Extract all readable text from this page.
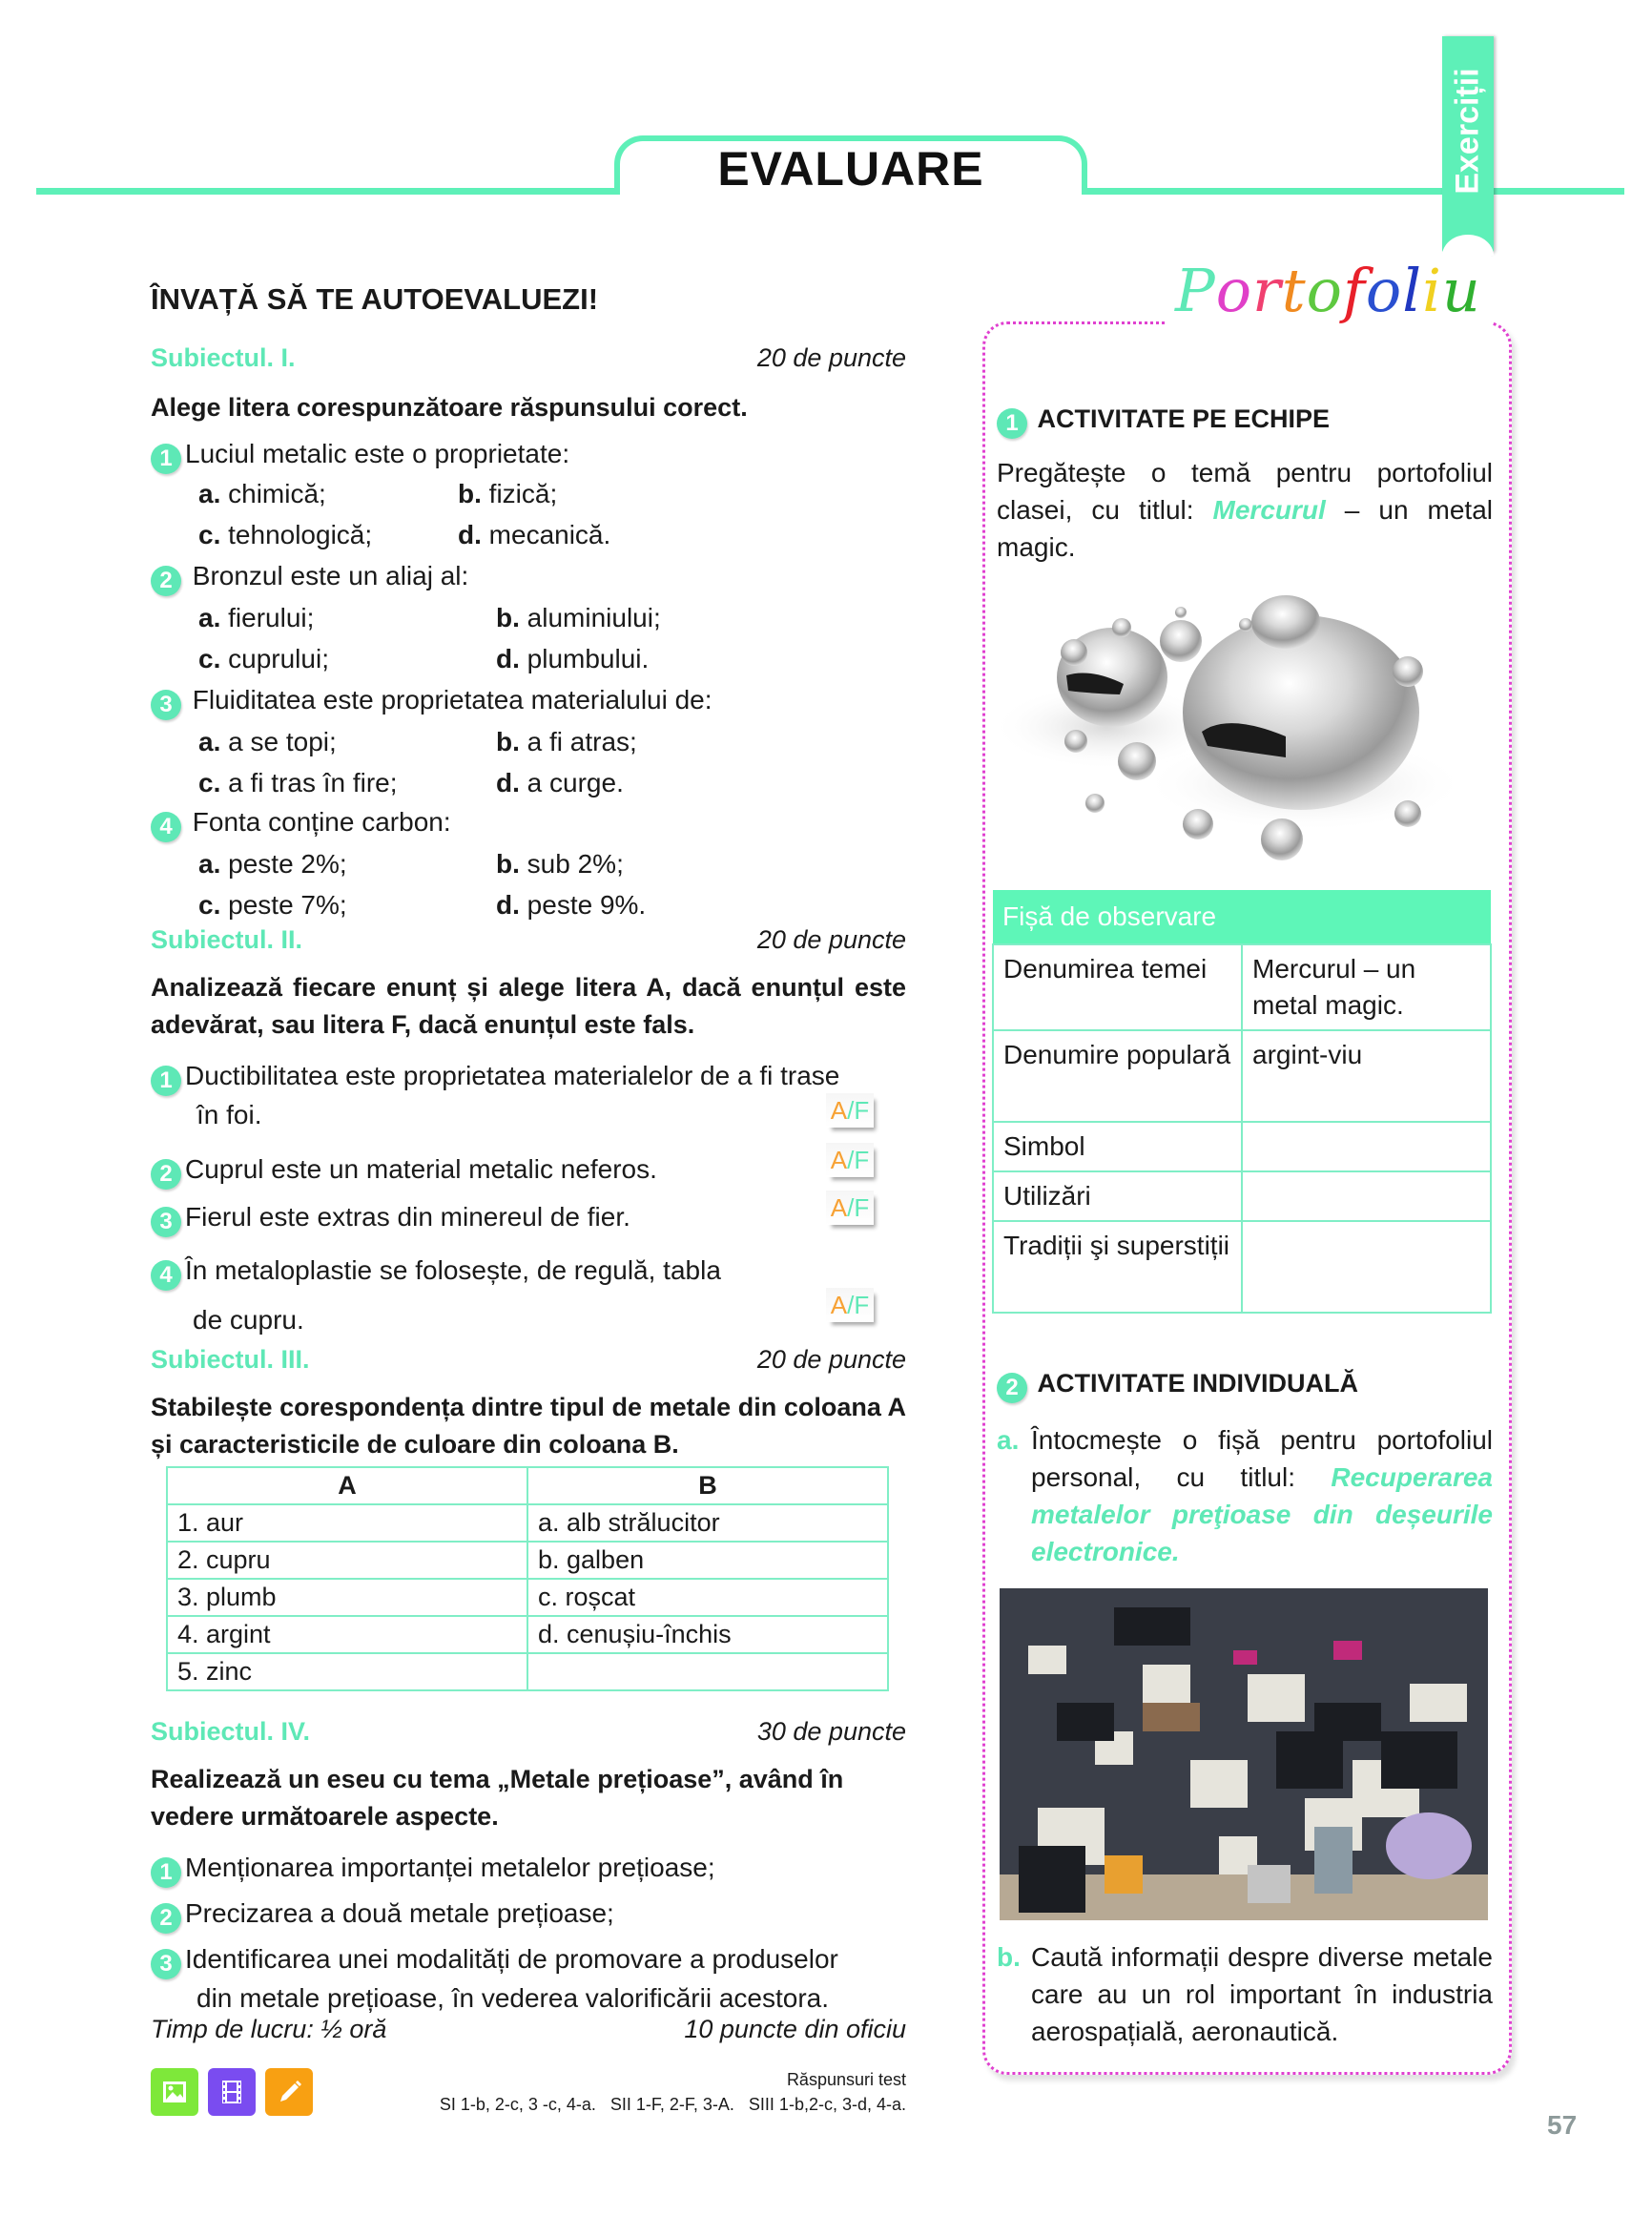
EVALUARE	Exerciții
ÎNVAȚĂ SĂ TE AUTOEVALUEZI!
Subiectul. I.	20 de puncte
Alege litera corespunzătoare răspunsului corect.
1 Luciul metalic este o proprietate:
a. chimică;	b. fizică;
c. tehnologică;	d. mecanică.
2 Bronzul este un aliaj al:
a. fierului;	b. aluminiului;
c. cuprului;	d. plumbului.
3 Fluiditatea este proprietatea materialului de:
a. a se topi;	b. a fi atras;
c. a fi tras în fire;	d. a curge.
4 Fonta conține carbon:
a. peste 2%;	b. sub 2%;
c. peste 7%;	d. peste 9%.
Subiectul. II.	20 de puncte
Analizează fiecare enunț și alege litera A, dacă enunțul este adevărat, sau litera F, dacă enunțul este fals.
1 Ductibilitatea este proprietatea materialelor de a fi trase
în foi.	A/F
2 Cuprul este un material metalic neferos.	A/F
3 Fierul este extras din minereul de fier.	A/F
4 În metaloplastie se folosește, de regulă, tabla
de cupru.	A/F
Subiectul. III.	20 de puncte
Stabilește corespondența dintre tipul de metale din coloana A și caracteristicile de culoare din coloana B.
A	B
1. aur	a. alb strălucitor
2. cupru	b. galben
3. plumb	c. roșcat
4. argint	d. cenușiu-închis
5. zinc	
Subiectul. IV.	30 de puncte
Realizează un eseu cu tema „Metale prețioase”, având în vedere următoarele aspecte.
1 Menționarea importanței metalelor prețioase;
2 Precizarea a două metale prețioase;
3 Identificarea unei modalități de promovare a produselor
din metale prețioase, în vederea valorificării acestora.
Timp de lucru: ½ oră	10 puncte din oficiu
Răspunsuri test
SI 1-b, 2-c, 3 -c, 4-a.   SII 1-F, 2-F, 3-A.   SIII 1-b,2-c, 3-d, 4-a.
Portofoliu
1 ACTIVITATE PE ECHIPE
Pregătește o temă pentru portofoliul clasei, cu titlul: Mercurul – un metal magic.
Fișă de observare	
Denumirea temei	Mercurul – un metal magic.
Denumire populară	argint-viu
Simbol	
Utilizări	
Tradiții şi superstiții	
2 ACTIVITATE INDIVIDUALĂ
a. Întocmește o fișă pentru portofoliul personal, cu titlul: Recuperarea metalelor preţioase din deșeurile electronice.
b. Caută informații despre diverse metale care au un rol important în industria aerospațială, aeronautică.
57
